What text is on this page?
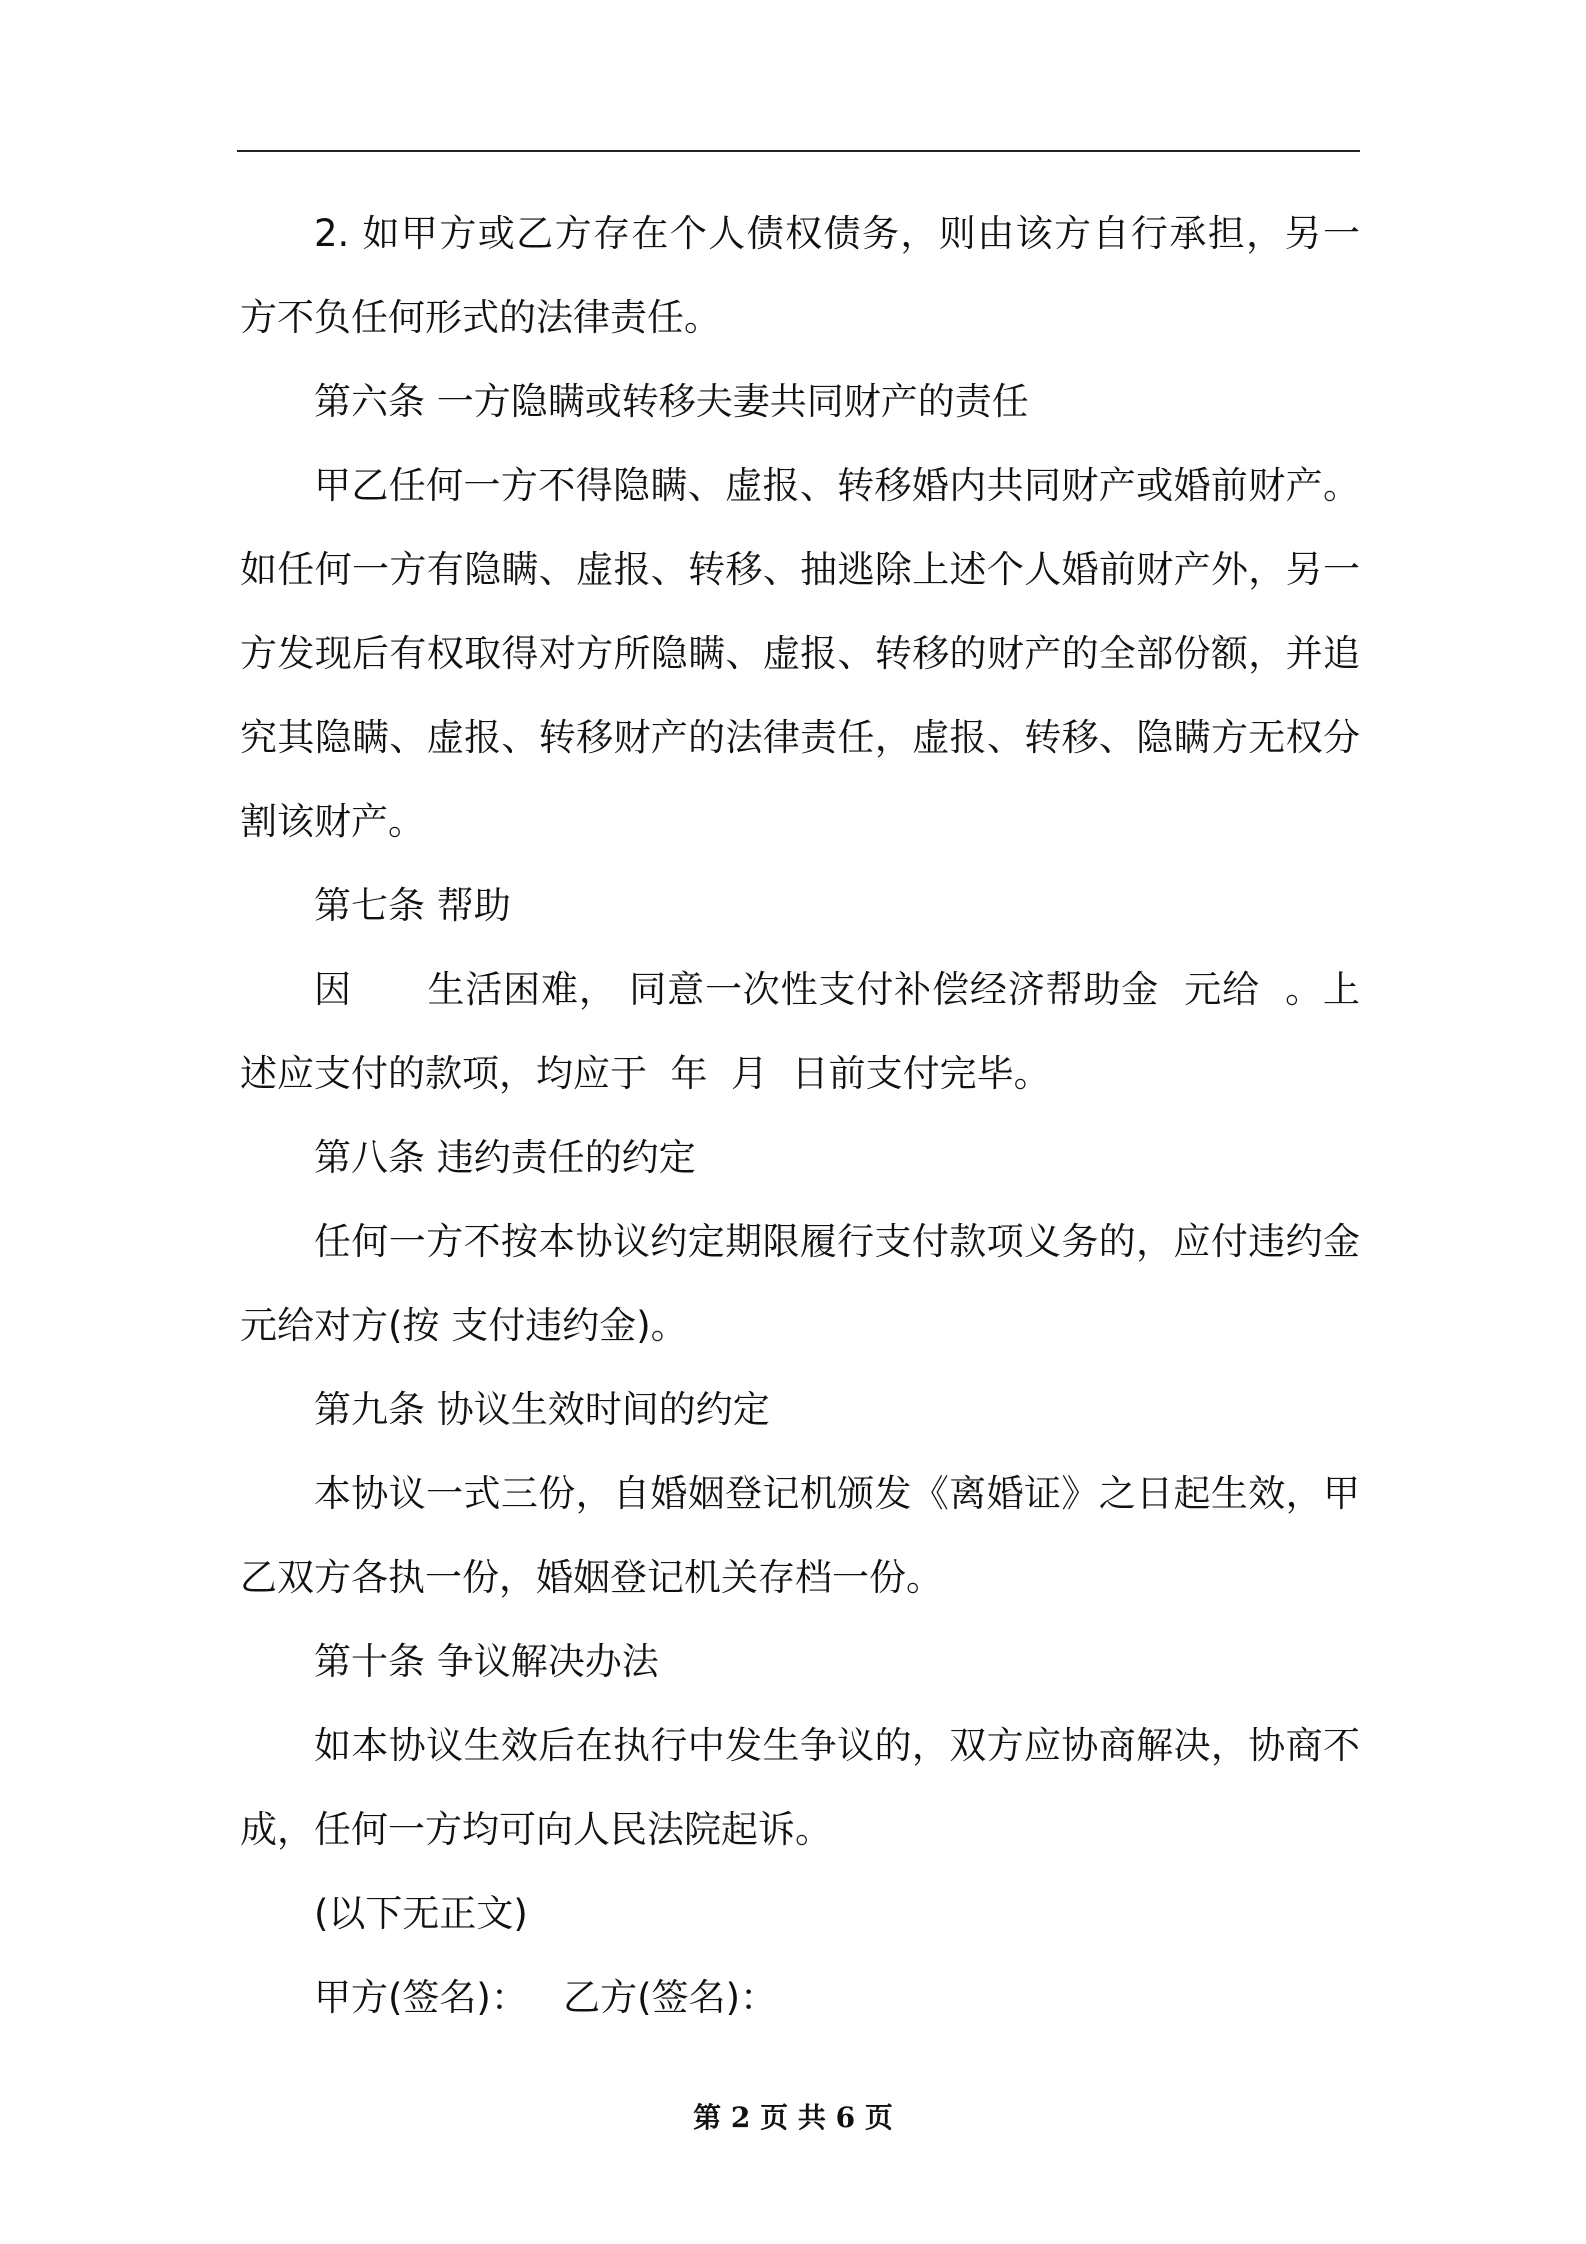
2. 如甲方或乙方存在个人债权债务，则由该方自行承担，另一方不负任何形式的法律责任。

第六条 一方隐瞒或转移夫妻共同财产的责任

甲乙任何一方不得隐瞒、虚报、转移婚内共同财产或婚前财产。如任何一方有隐瞒、虚报、转移、抽逃除上述个人婚前财产外，另一方发现后有权取得对方所隐瞒、虚报、转移的财产的全部份额，并追究其隐瞒、虚报、转移财产的法律责任，虚报、转移、隐瞒方无权分割该财产。

第七条 帮助

因      生活困难， 同意一次性支付补偿经济帮助金  元给  。上述应支付的款项，均应于  年  月  日前支付完毕。

第八条 违约责任的约定

任何一方不按本协议约定期限履行支付款项义务的，应付违约金元给对方(按 支付违约金)。

第九条 协议生效时间的约定

本协议一式三份，自婚姻登记机颁发《离婚证》之日起生效，甲乙双方各执一份，婚姻登记机关存档一份。

第十条 争议解决办法

如本协议生效后在执行中发生争议的，双方应协商解决，协商不成，任何一方均可向人民法院起诉。

(以下无正文)

甲方(签名)：   乙方(签名)：

第 2 页 共 6 页
